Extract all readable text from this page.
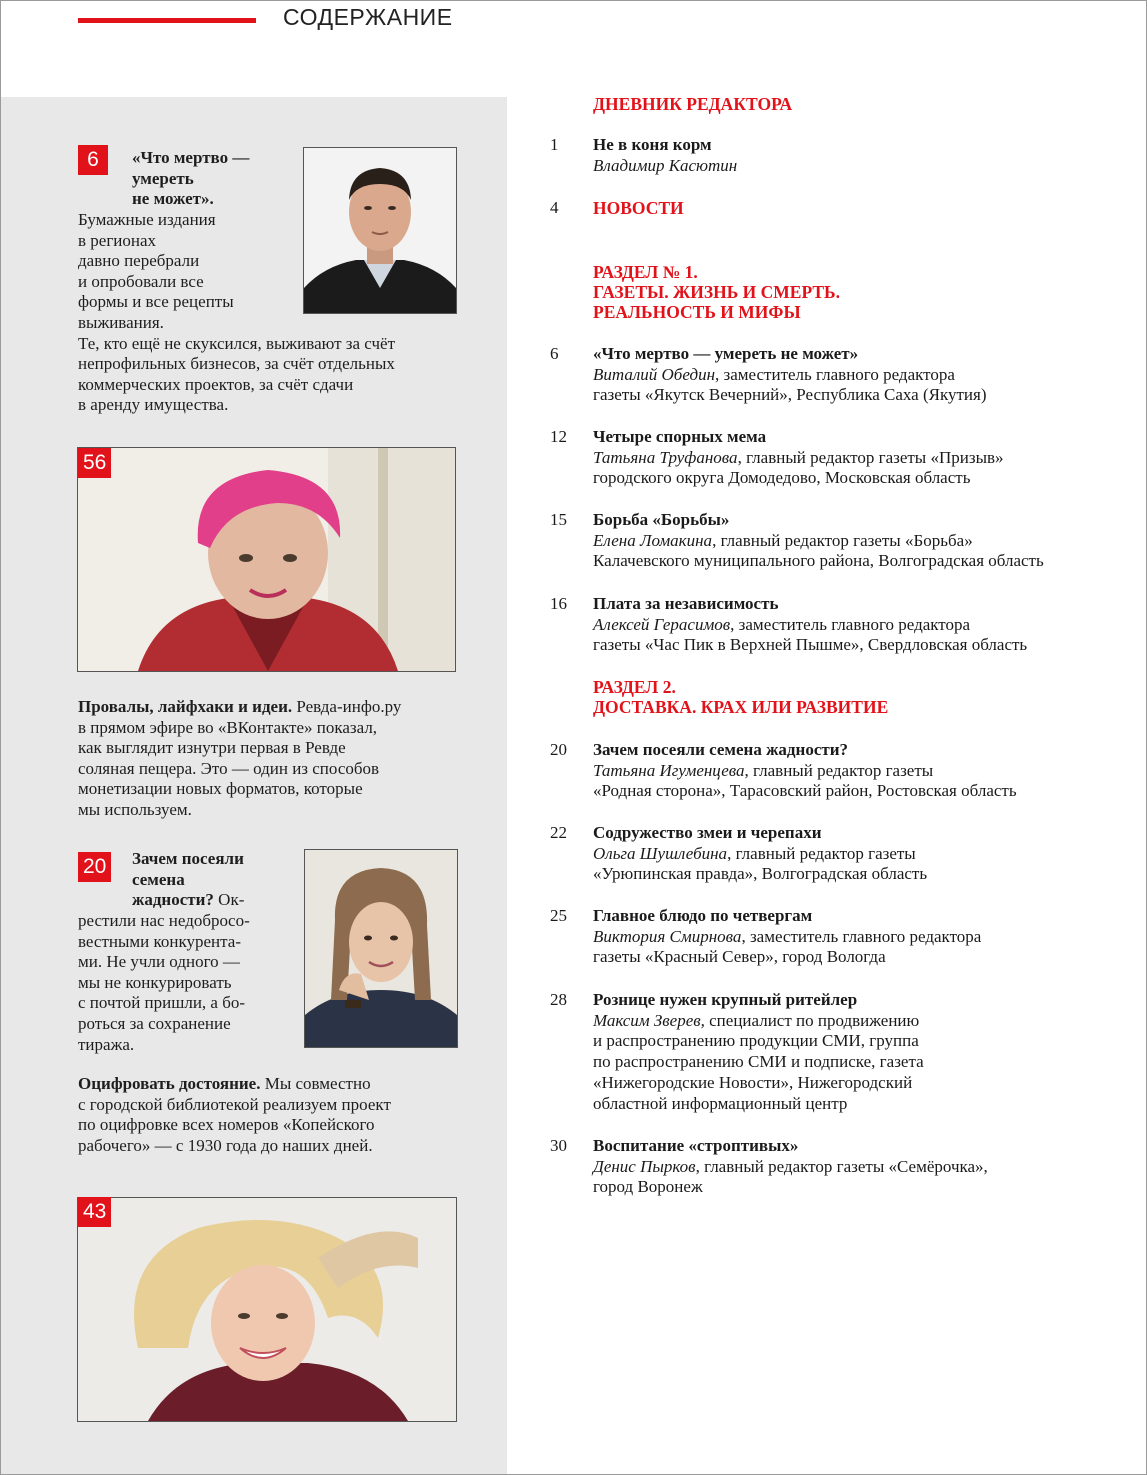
СОДЕРЖАНИЕ
6	«Что мертво —
умереть
не может».
Бумажные издания
в регионах
давно перебрали
и опробовали все
формы и все рецепты
выживания.
Те, кто ещё не скуксился, выживают за счёт
непрофильных бизнесов, за счёт отдельных
коммерческих проектов, за счёт сдачи
в аренду имущества.
56
Провалы, лайфхаки и идеи. Ревда-инфо.ру
в прямом эфире во «ВКонтакте» показал,
как выглядит изнутри первая в Ревде
соляная пещера. Это — один из способов
монетизации новых форматов, которые
мы используем.
20 Зачем посеяли
семена
жадности? Ок-
рестили нас недоброcо-
вестными конкурента-
ми. Не учли одного —
мы не конкурировать
с почтой пришли, а бо-
роться за сохранение
тиража.
Оцифровать достояние. Мы совместно
с городской библиотекой реализуем проект
по оцифровке всех номеров «Копейского
рабочего» — с 1930 года до наших дней.
43
ДНЕВНИК РЕДАКТОРА
1	Не в коня корм
Владимир Касютин
4	НОВОСТИ
РАЗДЕЛ № 1.
ГАЗЕТЫ. ЖИЗНЬ И СМЕРТЬ.
РЕАЛЬНОСТЬ И МИФЫ
6	«Что мертво — умереть не может»
Виталий Обедин, заместитель главного редактора
газеты «Якутск Вечерний», Республика Саха (Якутия)
12	Четыре спорных мема
Татьяна Труфанова, главный редактор газеты «Призыв»
городского округа Домодедово, Московская область
15	Борьба «Борьбы»
Елена Ломакина, главный редактор газеты «Борьба»
Калачевского муниципального района, Волгоградская область
16	Плата за независимость
Алексей Герасимов, заместитель главного редактора
газеты «Час Пик в Верхней Пышме», Свердловская область
РАЗДЕЛ 2.
ДОСТАВКА. КРАХ ИЛИ РАЗВИТИЕ
20	Зачем посеяли семена жадности?
Татьяна Игуменцева, главный редактор газеты
«Родная сторона», Тарасовский район, Ростовская область
22	Содружество змеи и черепахи
Ольга Шушлебина, главный редактор газеты
«Урюпинская правда», Волгоградская область
25	Главное блюдо по четвергам
Виктория Смирнова, заместитель главного редактора
газеты «Красный Север», город Вологда
28	Рознице нужен крупный ритейлер
Максим Зверев, специалист по продвижению
и распространению продукции СМИ, группа
по распространению СМИ и подписке, газета
«Нижегородские Новости», Нижегородский
областной информационный центр
30	Воспитание «строптивых»
Денис Пырков, главный редактор газеты «Семёрочка»,
город Воронеж
